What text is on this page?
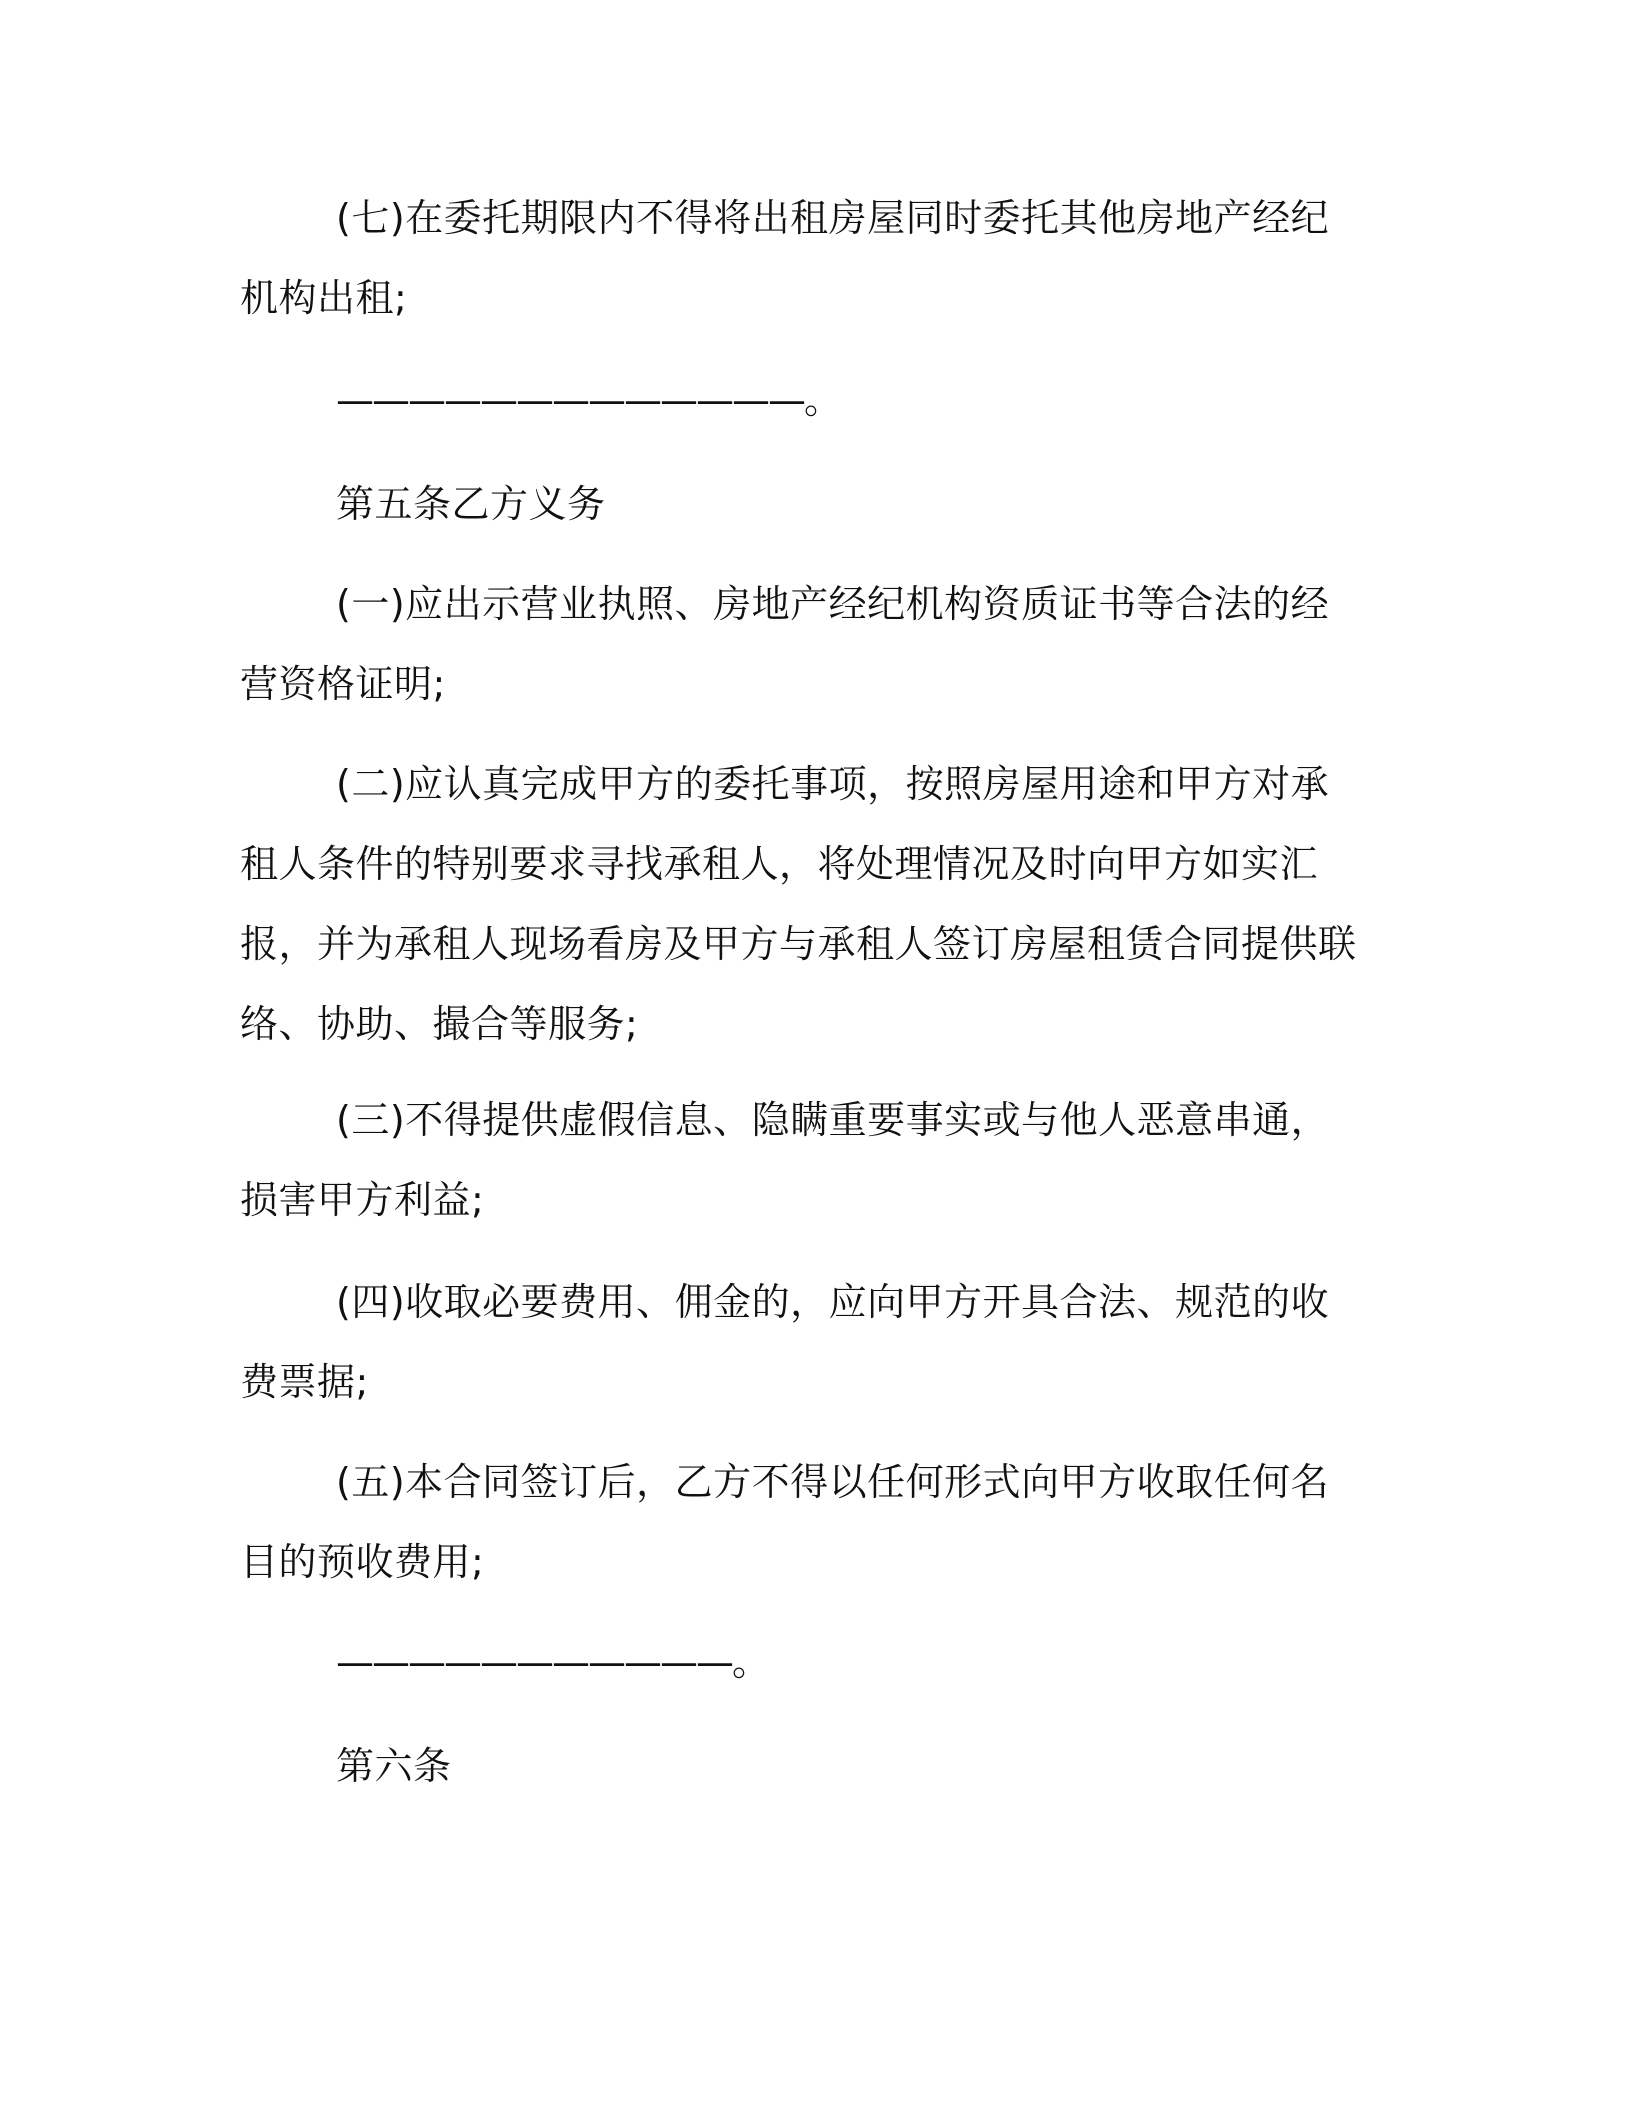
(七)在委托期限内不得将出租房屋同时委托其他房地产经纪机构出租;

—————————————。

第五条乙方义务

(一)应出示营业执照、房地产经纪机构资质证书等合法的经营资格证明;

(二)应认真完成甲方的委托事项，按照房屋用途和甲方对承租人条件的特别要求寻找承租人，将处理情况及时向甲方如实汇报，并为承租人现场看房及甲方与承租人签订房屋租赁合同提供联络、协助、撮合等服务;

(三)不得提供虚假信息、隐瞒重要事实或与他人恶意串通，损害甲方利益;

(四)收取必要费用、佣金的，应向甲方开具合法、规范的收费票据;

(五)本合同签订后，乙方不得以任何形式向甲方收取任何名目的预收费用;

———————————。

第六条
